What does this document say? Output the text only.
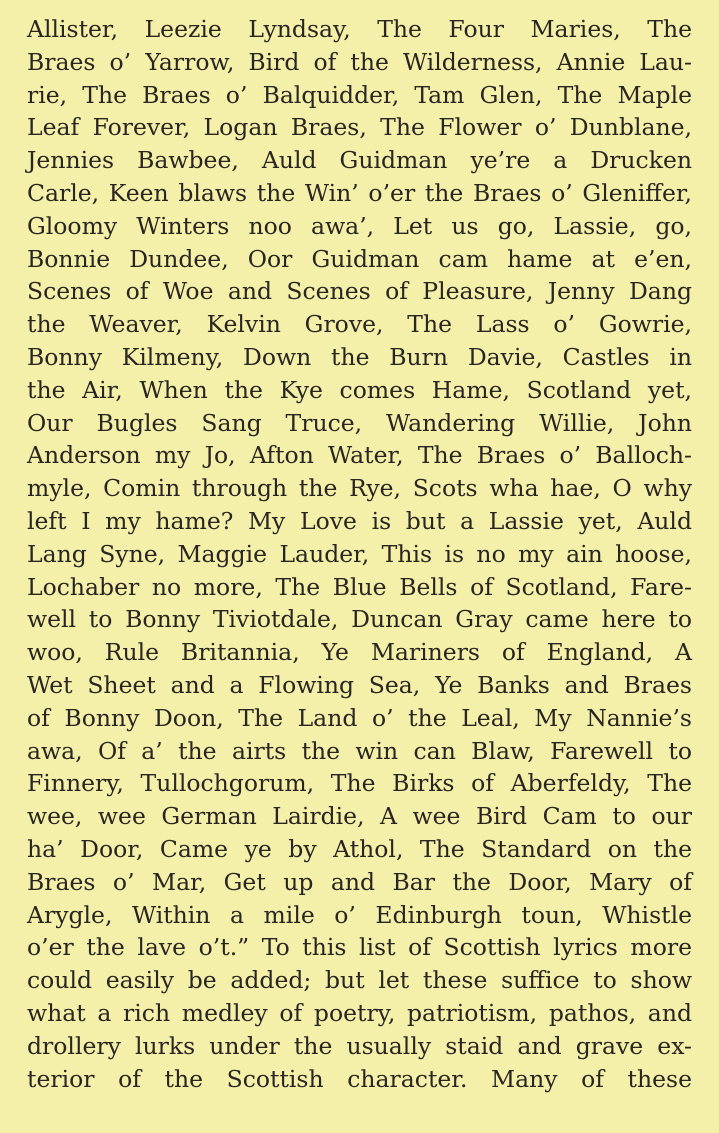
Allister, Leezie Lyndsay, The Four Maries, The
Braes o’ Yarrow, Bird of the Wilderness, Annie Lau-
rie, The Braes o’ Balquidder, Tam Glen, The Maple
Leaf Forever, Logan Braes, The Flower o’ Dunblane,
Jennies Bawbee, Auld Guidman ye’re a Drucken
Carle, Keen blaws the Win’ o’er the Braes o’ Gleniffer,
Gloomy Winters noo awa’, Let us go, Lassie, go,
Bonnie Dundee, Oor Guidman cam hame at e’en,
Scenes of Woe and Scenes of Pleasure, Jenny Dang
the Weaver, Kelvin Grove, The Lass o’ Gowrie,
Bonny Kilmeny, Down the Burn Davie, Castles in
the Air, When the Kye comes Hame, Scotland yet,
Our Bugles Sang Truce, Wandering Willie, John
Anderson my Jo, Afton Water, The Braes o’ Balloch-
myle, Comin through the Rye, Scots wha hae, O why
left I my hame? My Love is but a Lassie yet, Auld
Lang Syne, Maggie Lauder, This is no my ain hoose,
Lochaber no more, The Blue Bells of Scotland, Fare-
well to Bonny Tiviotdale, Duncan Gray came here to
woo, Rule Britannia, Ye Mariners of England, A
Wet Sheet and a Flowing Sea, Ye Banks and Braes
of Bonny Doon, The Land o’ the Leal, My Nannie’s
awa, Of a’ the airts the win can Blaw, Farewell to
Finnery, Tullochgorum, The Birks of Aberfeldy, The
wee, wee German Lairdie, A wee Bird Cam to our
ha’ Door, Came ye by Athol, The Standard on the
Braes o’ Mar, Get up and Bar the Door, Mary of
Arygle, Within a mile o’ Edinburgh toun, Whistle
o’er the lave o’t.” To this list of Scottish lyrics more
could easily be added; but let these suffice to show
what a rich medley of poetry, patriotism, pathos, and
drollery lurks under the usually staid and grave ex-
terior of the Scottish character. Many of these
